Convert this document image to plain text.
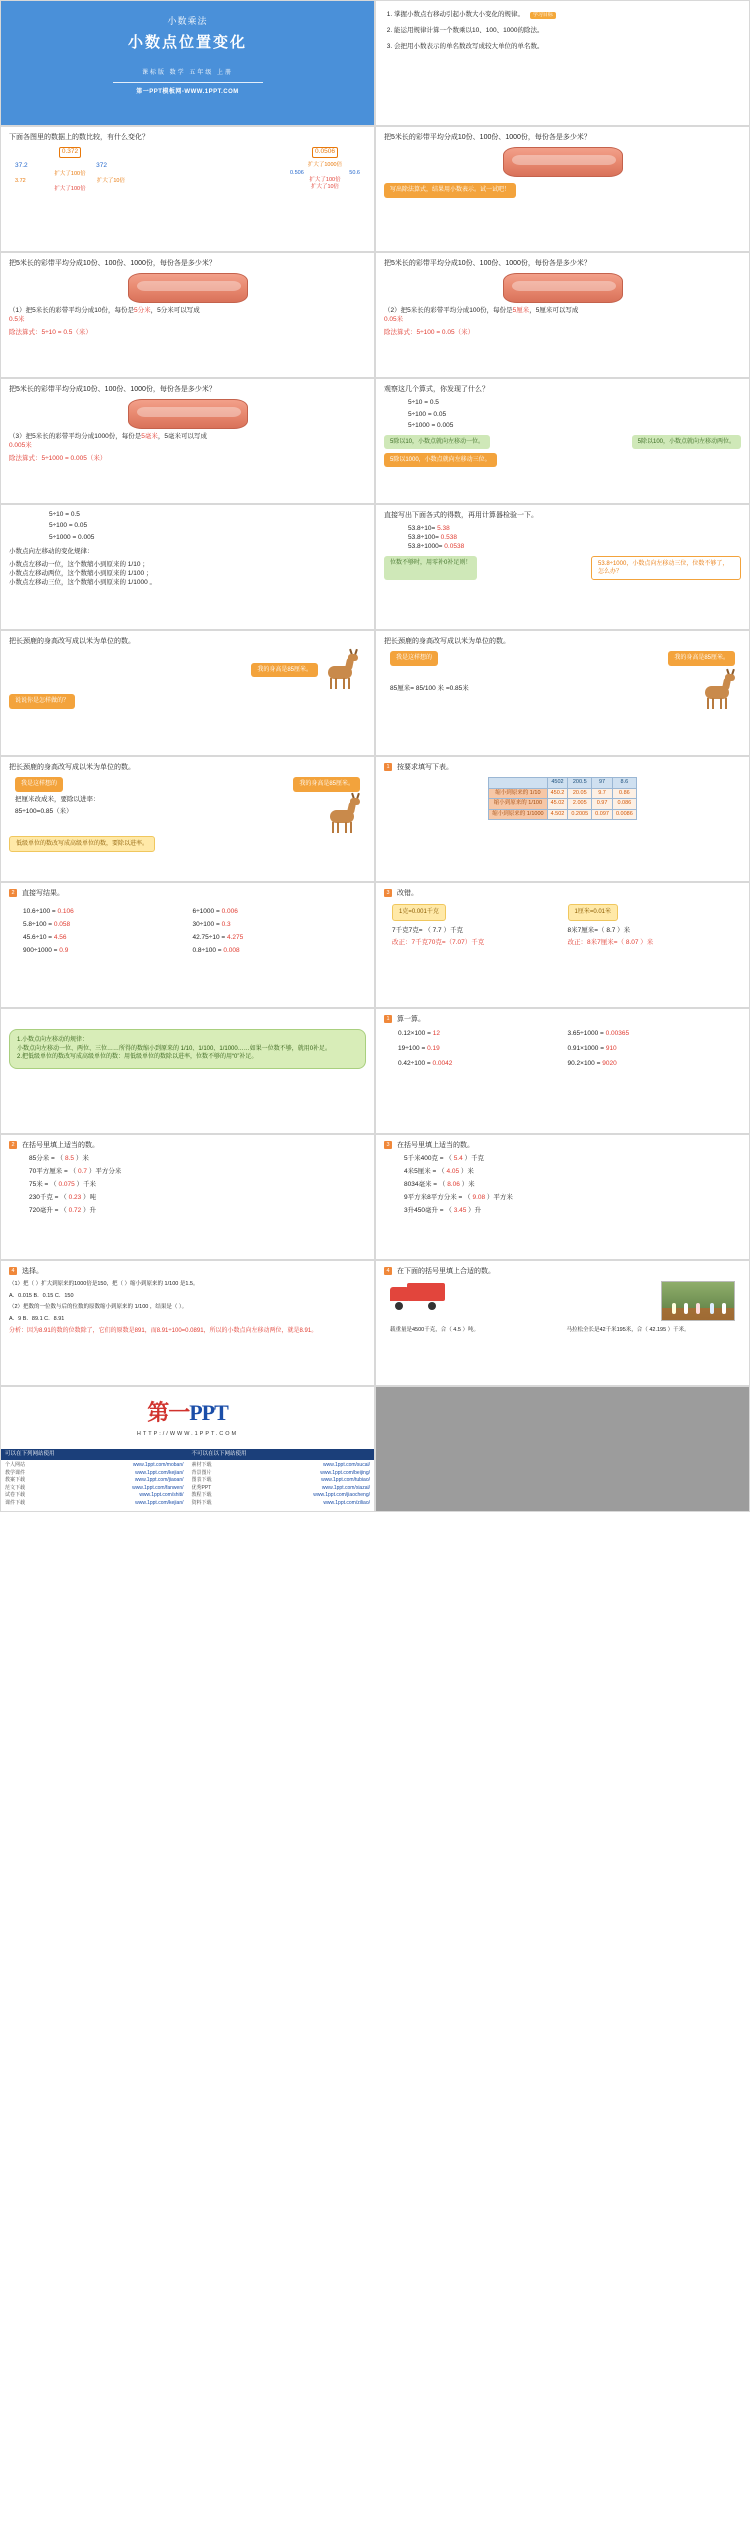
小数乘法
小数点位置变化
课标版 数学 五年级 上册
第一PPT模板网-WWW.1PPT.COM
1. 掌握小数点右移动引起小数大小变化的规律。 学习目标
2. 能运用规律计算一个数乘以10、100、1000的除法。
3. 会把用小数表示的单名数改写成较大单位的单名数。
下面各图里的数据上的数比较，有什么变化？
0.372
37.2	372
扩大了100倍
3.72	扩大了10倍
扩大了100倍
0.0506
扩大了1000倍
0.506	50.6
扩大了100倍
扩大了10倍
把5米长的彩带平均分成10份、100份、1000份，每份各是多少米？
写出除法算式，结果用小数表示。试一试吧！
把5米长的彩带平均分成10份、100份、1000份，每份各是多少米？
（1）把5米长的彩带平均分成10份，每份是5分米，5分米可以写成
0.5米
除法算式：5÷10 = 0.5（米）
把5米长的彩带平均分成10份、100份、1000份，每份各是多少米？
（2）把5米长的彩带平均分成100份，每份是5厘米，5厘米可以写成
0.05米
除法算式：5÷100 = 0.05（米）
把5米长的彩带平均分成10份、100份、1000份，每份各是多少米？
（3）把5米长的彩带平均分成1000份，每份是5毫米，5毫米可以写成
0.005米
除法算式：5÷1000 = 0.005（米）
观察这几个算式，你发现了什么？
5÷10 = 0.5
5÷100 = 0.05
5÷1000 = 0.005
5除以10，小数点就向左移动一位。	5除以100，小数点就向左移动两位。
5除以1000，小数点就向左移动三位。
5÷10 = 0.5
5÷100 = 0.05
5÷1000 = 0.005
小数点向左移动的变化规律：
小数点左移动一位，这个数缩小到原来的 1/10 ；
小数点左移动两位，这个数缩小到原来的 1/100 ；
小数点左移动三位，这个数缩小到原来的 1/1000 。
直接写出下面各式的得数，再用计算器检验一下。
53.8÷10= 5.38
53.8÷100= 0.538
53.8÷1000= 0.0538
位数不够时，用零补0补足则！	53.8÷1000，小数点向左移动三位，位数不够了，怎么办？
把长颈鹿的身高改写成以米为单位的数。
我的身高是85厘米。
说说你是怎样做的？
把长颈鹿的身高改写成以米为单位的数。
我是这样想的	我的身高是85厘米。
85厘米= 85/100 米 =0.85米
把长颈鹿的身高改写成以米为单位的数。
我是这样想的	我的身高是85厘米。
把厘米改成米，要除以进率：
85÷100=0.85（米）
低级单位的数改写成高级单位的数，要除以进率。
1 按要求填写下表。
	4502	200.5	97	8.6
缩小到原来的 1/10	450.2	20.05	9.7	0.86
缩小到原来的 1/100	45.02	2.005	0.97	0.086
缩小到原来的 1/1000	4.502	0.2005	0.097	0.0086
2 直接写结果。
10.6÷100 = 0.106
5.8÷100 = 0.058
45.6÷10 = 4.56
900÷1000 = 0.9
6÷1000 = 0.006
30÷100 = 0.3
42.75÷10 = 4.275
0.8÷100 = 0.008
3 改错。
1克=0.001千克
7千克7克= （ 7.7 ）千克
改正：7千克70克=（7.07）千克
1厘米=0.01米
8米7厘米=（ 8.7 ）米
改正：8米7厘米=（ 8.07 ）米
1.小数点向左移动的规律：
小数点向左移动一位、两位、三位……所得的数缩小到原来的 1/10、1/100、1/1000……如果一位数不够，就用0补足。
2.把低级单位的数改写成高级单位的数：用低级单位的数除以进率，位数不够的用“0”补足。
1 算一算。
0.12×100 = 12	3.65÷1000 = 0.00365
19÷100 = 0.19	0.91×1000 = 910
0.42÷100 = 0.0042	90.2×100 = 9020
2 在括号里填上适当的数。
85分米 = （ 8.5 ）米
70平方厘米 = （ 0.7 ）平方分米
75米 = （ 0.075 ）千米
230千克 = （ 0.23 ）吨
720毫升 = （ 0.72 ）升
3 在括号里填上适当的数。
5千米400克 = （ 5.4 ）千克
4米5厘米 = （ 4.05 ）米
8034毫米 = （ 8.06 ）米
9平方米8平方分米 = （ 9.08 ）平方米
3升450毫升 = （ 3.45 ）升
4 选择。
（1）把（ ）扩大到原来的1000倍是150，把（ ）缩小到原来的 1/100 是1.5。
A．0.015 B．0.15 C．150
（2）把数的一位数与后的位数的原数缩小到原来的 1/100 ，结果是（ ）。
A．9 B．89.1 C．8.91
分析：因为8.91的数的位数除了，它们的原数是891，而8.91÷100=0.0891，所以的小数点向左移动两位，就是8.91。
4 在下面的括号里填上合适的数。
载重量是4500千克，合（ 4.5 ）吨。	马拉松全长是42千米195米，合（ 42.195 ）千米。
第一PPT
HTTP://WWW.1PPT.COM
可以在下列网站使用
个人网站	www.1ppt.com/moban/
教学课件	www.1ppt.com/kejian/
教案下载	www.1ppt.com/jiaoan/
范文下载	www.1ppt.com/fanwen/
试卷下载	www.1ppt.com/shiti/
课件下载	www.1ppt.com/kejian/
不可以在以下网站使用
素材下载	www.1ppt.com/sucai/
背景图片	www.1ppt.com/beijing/
图表下载	www.1ppt.com/tubiao/
优秀PPT	www.1ppt.com/xiazai/
教程下载	www.1ppt.com/jiaocheng/
资料下载	www.1ppt.com/ziliao/
